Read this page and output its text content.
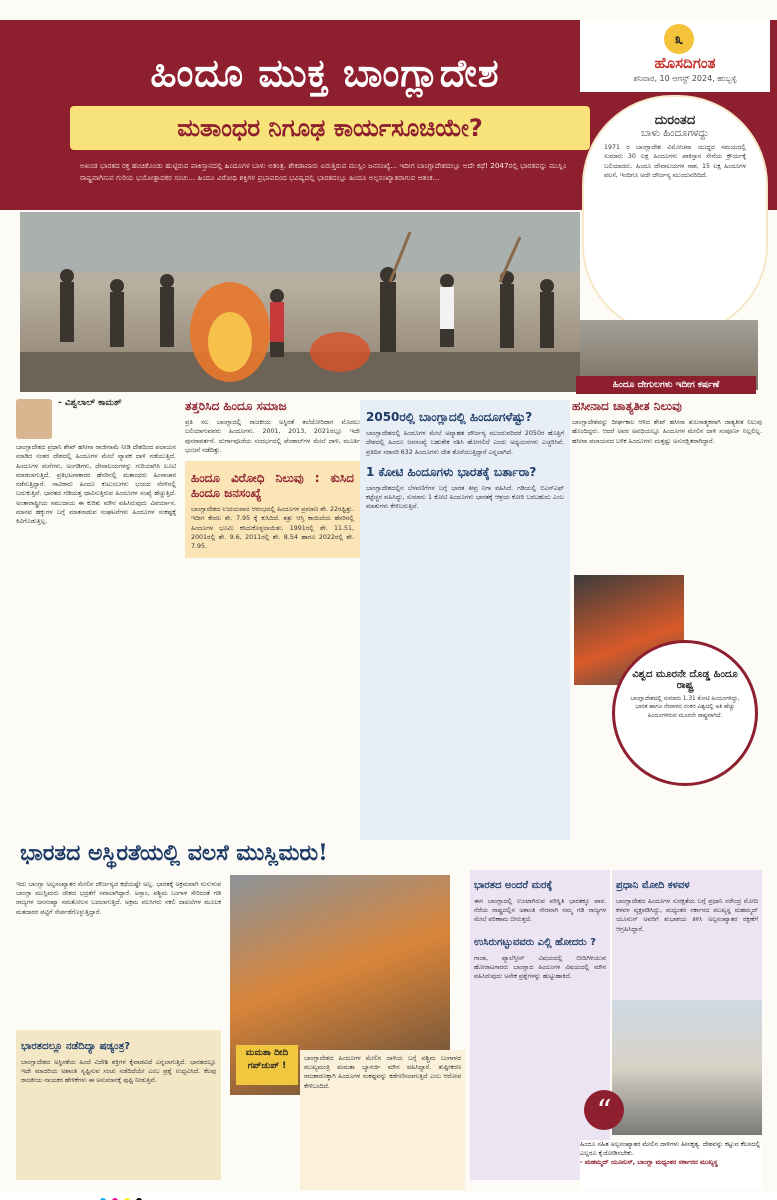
ಹಿಂದೂ ಮುಕ್ತ ಬಾಂಗ್ಲಾದೇಶ
ಮತಾಂಧರ ನಿಗೂಢ ಕಾರ್ಯಸೂಚಿಯೇ?
ಅಖಂಡ ಭಾರತದ ರಕ್ತ ಹಂಚಿಕೊಂಡು ಹುಟ್ಟಿರುವ ಪಾಕಿಸ್ತಾನದಲ್ಲಿ ಹಿಂದೂಗಳ ಬಾಳು ಅತಂತ್ರ. ಶೇಕಡಾವಾರು ಏರುತ್ತಿರುವ ಮುಸ್ಲಿಂ ಜನಸಂಖ್ಯೆ... ಇದೀಗ ಬಾಂಗ್ಲಾದೇಶದಲ್ಲೂ ಅದೇ ಕಥೆ! 2047ರಲ್ಲಿ ಭಾರತವನ್ನು ಮುಸ್ಲಿಂ ರಾಷ್ಟ್ರವಾಗಿಸುವ ಗುರಿಯ ಭಯೋತ್ಪಾದಕರ ಸಂಚು... ಹಿಂದೂ ವಿರೋಧಿ ಶಕ್ತಿಗಳ ಪ್ರಭಾವದಿಂದ ಭವಿಷ್ಯದಲ್ಲಿ ಭಾರತದಲ್ಲೂ ಹಿಂದೂ ಅಲ್ಪಸಂಖ್ಯಾತರಾಗುವ ಆತಂಕ...
೩
ಹೊಸದಿಗಂತ
ಶನಿವಾರ, 10 ಆಗಸ್ಟ್ 2024, ಹುಬ್ಬಳ್ಳಿ
ದುರಂತದ
ಬಾಳು ಹಿಂದೂಗಳದ್ದು
1971 ರ ಬಾಂಗ್ಲಾದೇಶ ವಿಮೋಚನಾ ಯುದ್ಧದ ಸಮಯದಲ್ಲಿ ಸುಮಾರು 30 ಲಕ್ಷ ಹಿಂದೂಗಳು ಪಾಕಿಸ್ತಾನ ಸೇನೆಯ ಕ್ರೌರ್ಯಕ್ಕೆ ಬಲಿಯಾದರು. ಹಿಂದೂ ದೇವಾಲಯಗಳ ನಾಶ, 15 ಲಕ್ಷ ಹಿಂದೂಗಳ ವಲಸೆ, ಇಂದಿಗೂ ಅದೇ ದೌರ್ಜನ್ಯ ಮುಂದುವರಿದಿದೆ.
ಹಿಂದೂ ದೇಗುಲಗಳು ಇದೀಗ ಕರ್ಷಣೆ
- ವಿಶ್ವಲಾಲ್ ಕಾಮತ್
ಬಾಂಗ್ಲಾದೇಶದ ಪ್ರಧಾನಿ ಶೇಖ್ ಹಸೀನಾ ರಾಜೀನಾಮೆ ನೀಡಿ ದೇಶದಿಂದ ಪಲಾಯನ ಮಾಡಿದ ನಂತರ ದೇಶದಲ್ಲಿ ಹಿಂದೂಗಳ ಮೇಲೆ ವ್ಯಾಪಕ ದಾಳಿ ನಡೆಯುತ್ತಿದೆ. ಹಿಂದೂಗಳ ಮನೆಗಳು, ಅಂಗಡಿಗಳು, ದೇವಾಲಯಗಳನ್ನು ಗುರಿಯಾಗಿಸಿ ಲೂಟಿ ಮಾಡಲಾಗುತ್ತಿದೆ. ಪ್ರತಿಭಟನಾಕಾರರ ಹೆಸರಿನಲ್ಲಿ ಮತಾಂಧರು ಹಿಂಸಾಚಾರ ನಡೆಸುತ್ತಿದ್ದಾರೆ. ಸಾವಿರಾರು ಹಿಂದೂ ಕುಟುಂಬಗಳು ಭಯದ ನೆರಳಿನಲ್ಲಿ ಬದುಕುತ್ತಿವೆ. ಭಾರತದ ಗಡಿಯತ್ತ ಧಾವಿಸುತ್ತಿರುವ ಹಿಂದೂಗಳ ಸಂಖ್ಯೆ ಹೆಚ್ಚುತ್ತಿದೆ. ಅಂತಾರಾಷ್ಟ್ರೀಯ ಸಮುದಾಯ ಈ ಕುರಿತು ಮೌನ ವಹಿಸಿರುವುದು ವಿಪರ್ಯಾಸ. ಮಾನವ ಹಕ್ಕುಗಳ ಬಗ್ಗೆ ಮಾತನಾಡುವ ಸಂಘಟನೆಗಳು ಹಿಂದೂಗಳ ಸಂಕಷ್ಟಕ್ಕೆ ಕಿವಿಗೊಡುತ್ತಿಲ್ಲ.
ತತ್ತರಿಸಿದ ಹಿಂದೂ ಸಮಾಜ
ಪ್ರತಿ ಸಲ ಬಾಂಗ್ಲಾದಲ್ಲಿ ರಾಜಕೀಯ ಅಸ್ಥಿರತೆ ತಲೆದೋರಿದಾಗ ಮೊದಲು ಬಲಿಯಾಗುವವರು ಹಿಂದೂಗಳು. 2001, 2013, 2021ರಲ್ಲೂ ಇದೇ ಪುನರಾವರ್ತನೆ. ದುರ್ಗಾಪೂಜೆಯ ಸಂದರ್ಭದಲ್ಲಿ ಪೆಂಡಾಲ್‌ಗಳ ಮೇಲೆ ದಾಳಿ, ಮೂರ್ತಿ ಭಂಜನೆ ನಡೆದಿತ್ತು.
ಹಿಂದೂ ವಿರೋಧಿ ನಿಲುವು : ಕುಸಿದ ಹಿಂದೂ ಜನಸಂಖ್ಯೆ
ಬಾಂಗ್ಲಾದೇಶದ ಉದಯವಾದ ಆರಂಭದಲ್ಲಿ ಹಿಂದೂಗಳ ಪ್ರಮಾಣ ಶೇ. 22ರಷ್ಟಿತ್ತು. ಇದೀಗ ಕೇವಲ ಶೇ. 7.95 ಕ್ಕೆ ಕುಸಿದಿದೆ. ಶತ್ರು ಆಸ್ತಿ ಕಾಯಿದೆಯ ಹೆಸರಿನಲ್ಲಿ ಹಿಂದೂಗಳ ಭೂಮಿ ಕಸಿದುಕೊಳ್ಳಲಾಯಿತು. 1991ರಲ್ಲಿ ಶೇ. 11.51, 2001ರಲ್ಲಿ ಶೇ. 9.6, 2011ರಲ್ಲಿ ಶೇ. 8.54 ಹಾಗೂ 2022ರಲ್ಲಿ ಶೇ. 7.95.
2050ರಲ್ಲಿ ಬಾಂಗ್ಲಾದಲ್ಲಿ ಹಿಂದೂಗಳೆಷ್ಟು?
ಬಾಂಗ್ಲಾದೇಶದಲ್ಲಿ ಹಿಂದೂಗಳ ಮೇಲೆ ಅವ್ಯಾಹತ ದೌರ್ಜನ್ಯ ಮುಂದುವರಿದರೆ 2050ರ ಹೊತ್ತಿಗೆ ದೇಶದಲ್ಲಿ ಹಿಂದೂ ಜನಸಂಖ್ಯೆ ಬಹುತೇಕ ನಶಿಸಿ ಹೋಗಲಿದೆ ಎಂದು ಅಧ್ಯಯನಗಳು ಎಚ್ಚರಿಸಿವೆ. ಪ್ರತಿದಿನ ಸರಾಸರಿ 632 ಹಿಂದೂಗಳು ದೇಶ ತೊರೆಯುತ್ತಿದ್ದಾರೆ ಎನ್ನಲಾಗಿದೆ.
1 ಕೋಟಿ ಹಿಂದೂಗಳು ಭಾರತಕ್ಕೆ ಬರ್ತಾರಾ?
ಬಾಂಗ್ಲಾದೇಶದಲ್ಲಿನ ಬೆಳವಣಿಗೆಗಳ ಬಗ್ಗೆ ಭಾರತ ತೀವ್ರ ನಿಗಾ ವಹಿಸಿದೆ. ಗಡಿಯಲ್ಲಿ ಬಿಎಸ್‌ಎಫ್ ಕಟ್ಟೆಚ್ಚರ ವಹಿಸಿದ್ದು, ಸುಮಾರು 1 ಕೋಟಿ ಹಿಂದೂಗಳು ಭಾರತಕ್ಕೆ ಆಶ್ರಯ ಕೋರಿ ಬರಬಹುದು ಎಂಬ ಮಾತುಗಳು ಕೇಳಿಬರುತ್ತಿವೆ.
ಹಸೀನಾದ ಚಾತ್ಯತೀತ ನಿಲುವು
ಬಾಂಗ್ಲಾದೇಶವನ್ನು ದೀರ್ಘಕಾಲ ಆಳಿದ ಶೇಖ್ ಹಸೀನಾ ತುಲನಾತ್ಮಕವಾಗಿ ಜಾತ್ಯತೀತ ನಿಲುವು ಹೊಂದಿದ್ದರು. ಆದರೆ ಅವರ ಅವಧಿಯಲ್ಲೂ ಹಿಂದೂಗಳ ಮೇಲಿನ ದಾಳಿ ಸಂಪೂರ್ಣ ನಿಲ್ಲಲಿಲ್ಲ. ಹಸೀನಾ ಪಲಾಯನದ ಬಳಿಕ ಹಿಂದೂಗಳು ಮತ್ತಷ್ಟು ಅಸುರಕ್ಷಿತರಾಗಿದ್ದಾರೆ.
ವಿಶ್ವದ ಮೂರನೇ ದೊಡ್ಡ ಹಿಂದೂ ರಾಷ್ಟ್ರ
ಬಾಂಗ್ಲಾದೇಶದಲ್ಲಿ ಸುಮಾರು 1.31 ಕೋಟಿ ಹಿಂದೂಗಳಿದ್ದು, ಭಾರತ ಹಾಗೂ ನೇಪಾಳದ ನಂತರ ವಿಶ್ವದಲ್ಲಿ ಅತಿ ಹೆಚ್ಚು ಹಿಂದೂಗಳಿರುವ ಮೂರನೇ ರಾಷ್ಟ್ರವಾಗಿದೆ.
ಭಾರತದ ಅಸ್ಥಿರತೆಯಲ್ಲಿ ವಲಸೆ ಮುಸ್ಲಿಮರು!
ಇದು ಬಾಂಗ್ಲಾ ಅಲ್ಪಸಂಖ್ಯಾತರ ಮೇಲಿನ ದೌರ್ಜನ್ಯದ ಕಥೆಯಷ್ಟೇ ಅಲ್ಲ. ಭಾರತಕ್ಕೆ ಅಕ್ರಮವಾಗಿ ನುಸುಳುವ ಬಾಂಗ್ಲಾ ಮುಸ್ಲಿಮರು ದೇಶದ ಭದ್ರತೆಗೆ ಸವಾಲಾಗಿದ್ದಾರೆ. ಅಸ್ಸಾಂ, ಪಶ್ಚಿಮ ಬಂಗಾಳ ಸೇರಿದಂತೆ ಗಡಿ ರಾಜ್ಯಗಳ ಜನಸಂಖ್ಯಾ ಸಮತೋಲನ ಬದಲಾಗುತ್ತಿದೆ. ಅಕ್ರಮ ವಲಸಿಗರು ನಕಲಿ ದಾಖಲೆಗಳ ಮೂಲಕ ಮತದಾರರ ಪಟ್ಟಿಗೆ ಸೇರ್ಪಡೆಗೊಳ್ಳುತ್ತಿದ್ದಾರೆ.
ಭಾರತದಲ್ಲೂ ನಡೆದಿದ್ಯಾ ಷಡ್ಯಂತ್ರ?
ಬಾಂಗ್ಲಾದೇಶದ ಅಸ್ಥಿರತೆಯ ಹಿಂದೆ ವಿದೇಶಿ ಶಕ್ತಿಗಳ ಕೈವಾಡವಿದೆ ಎನ್ನಲಾಗುತ್ತಿದೆ. ಭಾರತದಲ್ಲೂ ಇದೇ ಮಾದರಿಯ ಅಶಾಂತಿ ಸೃಷ್ಟಿಸುವ ಸಂಚು ನಡೆದಿದೆಯೇ ಎಂಬ ಪ್ರಶ್ನೆ ಉದ್ಭವಿಸಿದೆ. ಕೆಲವು ರಾಜಕೀಯ ನಾಯಕರ ಹೇಳಿಕೆಗಳು ಈ ಅನುಮಾನಕ್ಕೆ ಪುಷ್ಟಿ ನೀಡುತ್ತಿವೆ.
ಮಮತಾ ದೀದಿ ಗಪ್‌ಚುಪ್ !
ಬಾಂಗ್ಲಾದೇಶದ ಹಿಂದೂಗಳ ಮೇಲಿನ ದಾಳಿಯ ಬಗ್ಗೆ ಪಶ್ಚಿಮ ಬಂಗಾಳದ ಮುಖ್ಯಮಂತ್ರಿ ಮಮತಾ ಬ್ಯಾನರ್ಜಿ ಮೌನ ವಹಿಸಿದ್ದಾರೆ. ತುಷ್ಟೀಕರಣ ರಾಜಕಾರಣಕ್ಕಾಗಿ ಹಿಂದೂಗಳ ಸಂಕಷ್ಟವನ್ನು ಕಡೆಗಣಿಸಲಾಗುತ್ತಿದೆ ಎಂಬ ಆರೋಪ ಕೇಳಿಬಂದಿದೆ.
ಭಾರತದ ಅಂದರೆ ಮರಕ್ಕೆ
ಈಗ ಬಾಂಗ್ಲಾದಲ್ಲಿ ಉಂಟಾಗಿರುವ ಪರಿಸ್ಥಿತಿ ಭಾರತಕ್ಕೂ ಪಾಠ. ನೆರೆಯ ರಾಷ್ಟ್ರದಲ್ಲಿನ ಅಶಾಂತಿ ನೇರವಾಗಿ ನಮ್ಮ ಗಡಿ ರಾಜ್ಯಗಳ ಮೇಲೆ ಪರಿಣಾಮ ಬೀರುತ್ತದೆ.
ಉಸಿರುಗಟ್ಟುವವರು ಎಲ್ಲಿ ಹೋದರು ?
ಗಾಜಾ, ಪ್ಯಾಲೆಸ್ತೀನ್ ವಿಷಯದಲ್ಲಿ ಬೀದಿಗಿಳಿಯುವ ಹೋರಾಟಗಾರರು ಬಾಂಗ್ಲಾದ ಹಿಂದೂಗಳ ವಿಷಯದಲ್ಲಿ ಮೌನ ವಹಿಸಿರುವುದು ಅನೇಕ ಪ್ರಶ್ನೆಗಳನ್ನು ಹುಟ್ಟುಹಾಕಿದೆ.
ಪ್ರಧಾನಿ ಮೋದಿ ಕಳವಳ
ಬಾಂಗ್ಲಾದೇಶದ ಹಿಂದೂಗಳ ಸುರಕ್ಷತೆಯ ಬಗ್ಗೆ ಪ್ರಧಾನಿ ನರೇಂದ್ರ ಮೋದಿ ಕಳವಳ ವ್ಯಕ್ತಪಡಿಸಿದ್ದು, ಮಧ್ಯಂತರ ಸರ್ಕಾರದ ಮುಖ್ಯಸ್ಥ ಮಹಮ್ಮದ್ ಯೂನುಸ್ ಅವರಿಗೆ ಶುಭಾಶಯ ತಿಳಿಸಿ ಅಲ್ಪಸಂಖ್ಯಾತರ ರಕ್ಷಣೆಗೆ ಆಗ್ರಹಿಸಿದ್ದಾರೆ.
“
ಹಿಂದೂ ಸಹಿತ ಅಲ್ಪಸಂಖ್ಯಾತರ ಮೇಲಿನ ದಾಳಿಗಳು ಹೀನಕೃತ್ಯ. ದೇಶವನ್ನು ಕಟ್ಟುವ ಕೆಲಸದಲ್ಲಿ ಎಲ್ಲರೂ ಕೈಜೋಡಿಸಬೇಕು.
- ಮಹಮ್ಮದ್ ಯೂನುಸ್, ಬಾಂಗ್ಲಾ ಮಧ್ಯಂತರ ಸರ್ಕಾರದ ಮುಖ್ಯಸ್ಥ
